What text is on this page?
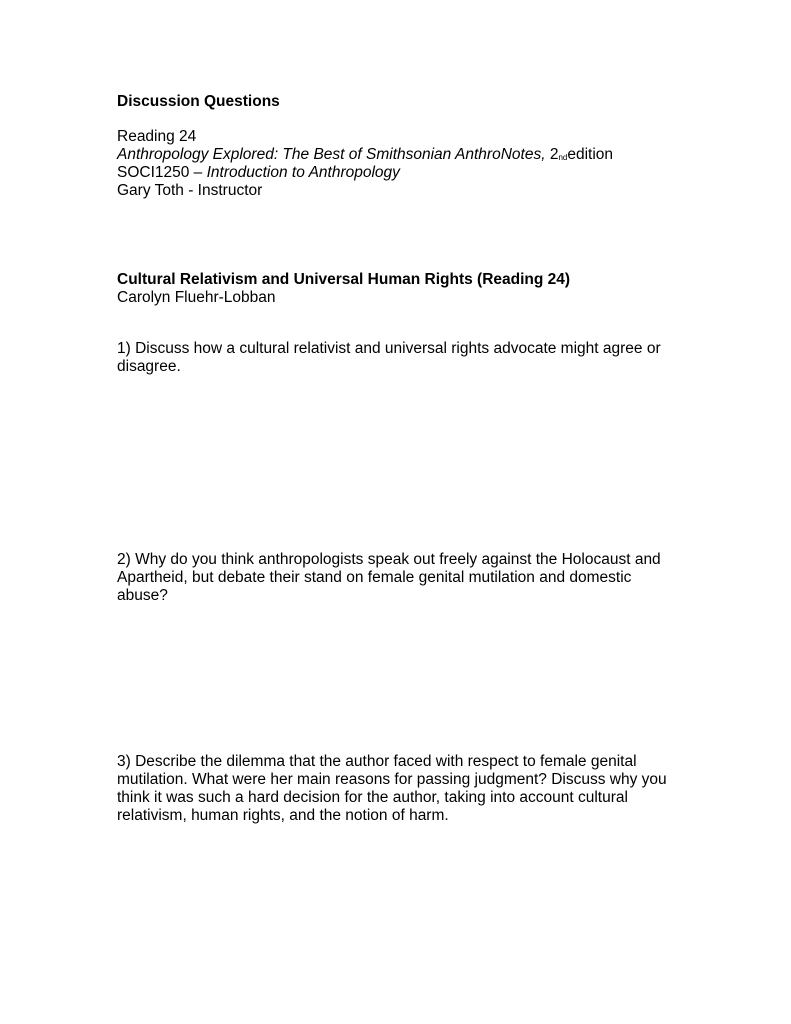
Discussion Questions
Reading 24
Anthropology Explored: The Best of Smithsonian AnthroNotes, 2ndedition
SOCI1250 – Introduction to Anthropology
Gary Toth - Instructor
Cultural Relativism and Universal Human Rights (Reading 24)
Carolyn Fluehr-Lobban

1) Discuss how a cultural relativist and universal rights advocate might agree or disagree.

2) Why do you think anthropologists speak out freely against the Holocaust and Apartheid, but debate their stand on female genital mutilation and domestic abuse?

3) Describe the dilemma that the author faced with respect to female genital mutilation. What were her main reasons for passing judgment? Discuss why you think it was such a hard decision for the author, taking into account cultural relativism, human rights, and the notion of harm.
